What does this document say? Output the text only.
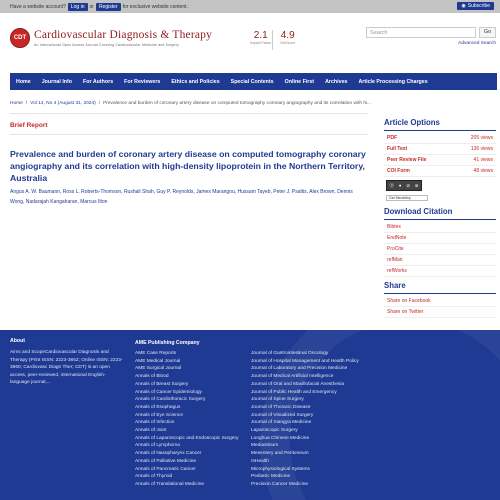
Have a website account?	Log in	or	Register	for exclusive website content.	◉ Subscribe
CDT Cardiovascular Diagnosis & Therapy
An International Open Access Journal Covering Cardiovascular Medicine and Surgery
2.1
Impact Factor
4.9
CiteScore
Search	Go
Advanced Search
Home Journal Info For Authors For Reviewers Ethics and Policies Special Contents Online First Archives Article Processing Charges
Home / Vol 14, No 4 (August 31, 2024) / Prevalence and burden of coronary artery disease on computed tomography coronary angiography and its correlation with hi...
Brief Report
Prevalence and burden of coronary artery disease on computed tomography coronary angiography and its correlation with high-density lipoprotein in the Northern Territory, Australia
Angus A. W. Baumann, Ross L. Roberts-Thomson, Rushali Shah, Guy P. Reynolds, James Marangou, Hussam Tayeb, Peter J. Psaltis, Alex Brown, Dennis Wong, Nadarajah Kangaharan, Marcus Ilton
Article Options
PDF	205 views
Full Text	136 views
Peer Review File	41 views
COI Form	48 views
Ⓓ ● ⊘ ⊜
Get Mendeley
Download Citation
Bibtex
EndNote
ProCite
refMan
refWorks
Share
Share on Facebook
Share on Twitter
About
Aims and ScopeCardiovascular Diagnosis and Therapy (Print ISSN: 2223-3652; Online ISSN: 2223-3660; Cardiovasc Diagn Ther; CDT) is an open access, peer-reviewed, international English-language journal,...
AME Publishing Company
AME Case Reports
AME Medical Journal
AME Surgical Journal
Annals of Blood
Annals of Breast Surgery
Annals of Cancer Epidemiology
Annals of Cardiothoracic Surgery
Annals of Esophagus
Annals of Eye Science
Annals of Infection
Annals of Joint
Annals of Laparoscopic and Endoscopic Surgery
Annals of Lymphoma
Annals of Nasopharynx Cancer
Annals of Palliative Medicine
Annals of Pancreatic Cancer
Annals of Thyroid
Annals of Translational Medicine
Journal of Gastrointestinal Oncology
Journal of Hospital Management and Health Policy
Journal of Laboratory and Precision Medicine
Journal of Medical Artificial Intelligence
Journal of Oral and Maxillofacial Anesthesia
Journal of Public Health and Emergency
Journal of Spine Surgery
Journal of Thoracic Disease
Journal of Visualized Surgery
Journal of Xiangya Medicine
Laparoscopic Surgery
Longhua Chinese Medicine
Mediastinum
Mesentery and Peritoneum
mHealth
Microphysiological Systems
Pediatric Medicine
Precision Cancer Medicine
